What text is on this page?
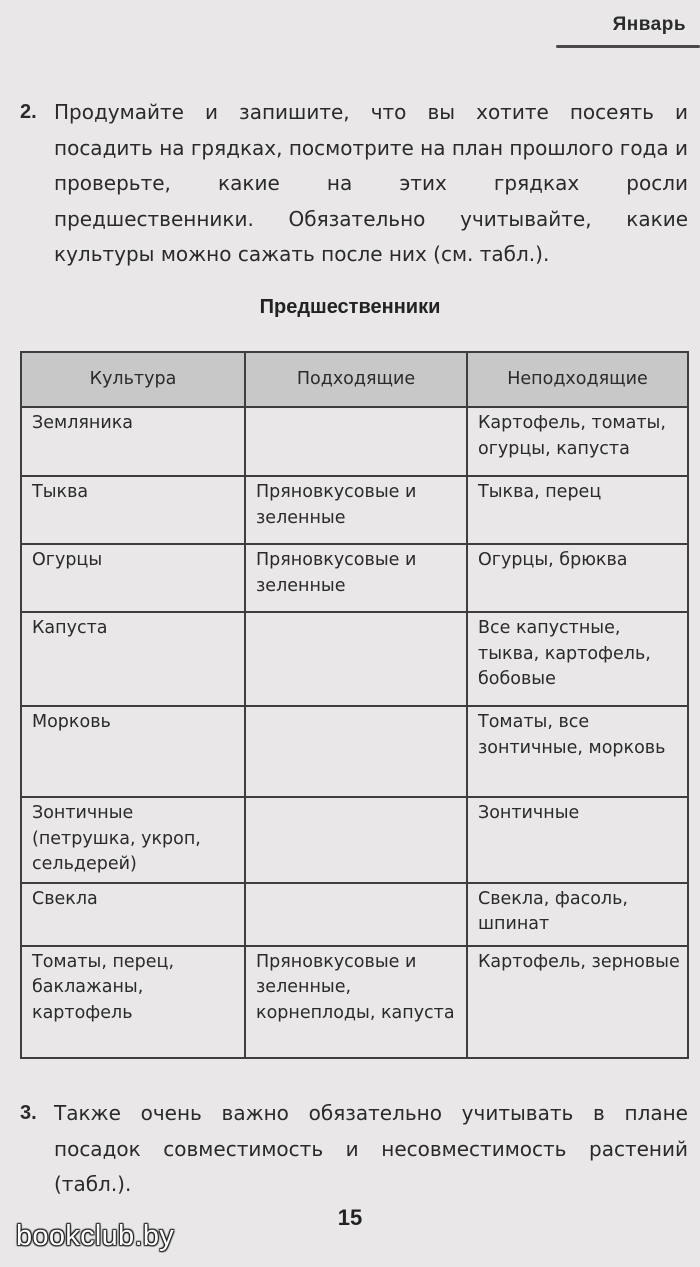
Январь
2. Продумайте и запишите, что вы хотите посеять и посадить на грядках, посмотрите на план прошлого года и проверьте, какие на этих грядках росли предшественники. Обязательно учитывайте, какие культуры можно сажать после них (см. табл.).
Предшественники
Культура	Подходящие	Неподходящие
Земляника		Картофель, томаты, огурцы, капуста
Тыква	Пряновкусовые и зеленные	Тыква, перец
Огурцы	Пряновкусовые и зеленные	Огурцы, брюква
Капуста		Все капустные, тыква, картофель, бобовые
Морковь		Томаты, все зонтичные, морковь
Зонтичные (петрушка, укроп, сельдерей)		Зонтичные
Свекла		Свекла, фасоль, шпинат
Томаты, перец, баклажаны, картофель	Пряновкусовые и зеленные, корнеплоды, капуста	Картофель, зерновые
3. Также очень важно обязательно учитывать в плане посадок совместимость и несовместимость растений (табл.).
15
bookclub.by
